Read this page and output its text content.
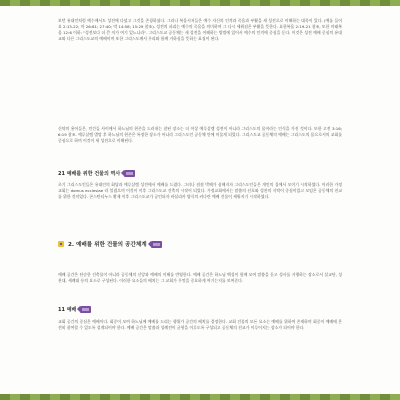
보던 유대인처럼 예수께서도 성전에 다녔고 그것을 존경하셨다. 그러나 복음서저들은 예수 자신의 인격과 죽음과 부활을 새 성전으로 이해하는 대목이 있다. (예를 들어 요 2:13-22; 마 26:61; 27:40; 막 14:58; 15:29 참조). 성전의 파괴는 예수의 죽음을 의미하며 그 다시 세워짐은 부활을 뜻한다. 요한복음 2:19-21 참조, 또한 마태복음 12:6 이하: "성전보다 더 큰 이가 여기 있느니라". 그리스도교 공동체는 새 성전을 이해하는 방법에 있어서 예수의 인격에 중심을 둔다. 이것은 성전 예배 중심의 유대교와 다른 그리스도교의 예배이며 또한 그리스도께서 우리와 함께 거하심을 뜻하는 표징이 된다.

신약의 용어들은, 인간들 사이에서 하느님의 현존을 드러내는 참된 장소는 더 이상 예루살렘 성전이 아니라 그리스도의 몸이라는 인식을 가진 것이다. 또한 고전 3:16; 6:19 참조. 예루살렘 멸망 후 하느님의 현존은 특정한 장소가 아니라 그리스도인 공동체 안에 머물게 되었다. 그리스도교 공동체의 예배는 그리스도의 몸으로서의 교회를 중심으로 하며 이것이 새 성전으로 이해된다.

21 예배를 위한 건물의 역사

초기 그리스도인들은 유대인의 회당과 예루살렘 성전에서 예배를 드렸다. 그러나 점점 박해가 심해지자 그리스도인들은 개인의 집에서 모이기 시작하였다. 이러한 가정교회는 domus ecclesiae 라 불렸으며 이것이 이후 그리스도교 건축의 시작이 되었다. 가정교회에서는 말씀의 선포와 성찬의 식탁이 중심이었고 모임은 공동체의 친교를 위한 것이었다. 콘스탄티누스 황제 이후 그리스도교가 공인되자 바실리카 양식의 커다란 예배 건물이 세워지기 시작하였다.

2. 예배를 위한 건물의 공간체계

예배 공간은 단순한 건축물이 아니라 공동체의 신앙과 예배의 이해를 반영한다. 예배 공간은 하느님 백성이 함께 모여 말씀을 듣고 성사를 거행하는 장소로서 설교단, 성찬대, 세례대 등의 요소로 구성된다. 이러한 요소들의 배치는 그 교회가 무엇을 중요하게 여기는지를 보여준다.

11 예배

교회 공간의 중심은 예배이다. 회중이 모여 하느님께 예배를 드리는 행위가 공간의 배치를 결정한다. 교회 건물의 모든 요소는 예배를 위하여 존재하며 회중이 예배에 온전히 참여할 수 있도록 설계되어야 한다. 예배 공간은 말씀과 성례전이 균형을 이루도록 구성되고 공동체의 친교가 이루어지는 장소가 되어야 한다.
